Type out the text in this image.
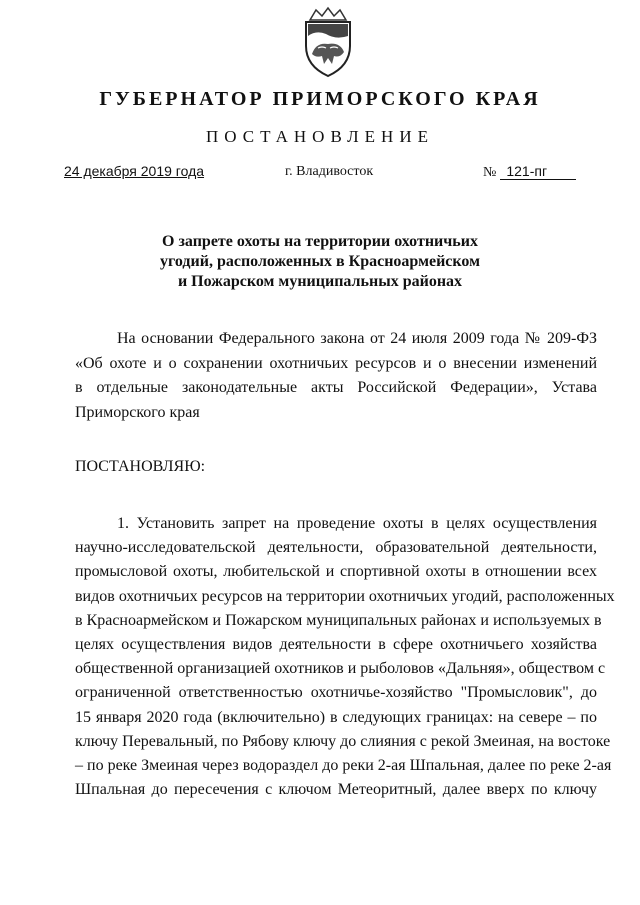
ГУБЕРНАТОР ПРИМОРСКОГО КРАЯ
ПОСТАНОВЛЕНИЕ
24 декабря 2019 года	г. Владивосток	№ 121-пг
О запрете охоты на территории охотничьих
угодий, расположенных в Красноармейском
и Пожарском муниципальных районах
На основании Федерального закона от 24 июля 2009 года № 209-ФЗ
«Об охоте и о сохранении охотничьих ресурсов и о внесении изменений
в отдельные законодательные акты Российской Федерации», Устава
Приморского края
ПОСТАНОВЛЯЮ:
1. Установить запрет на проведение охоты в целях осуществления
научно-исследовательской деятельности, образовательной деятельности,
промысловой охоты, любительской и спортивной охоты в отношении всех
видов охотничьих ресурсов на территории охотничьих угодий, расположенных
в Красноармейском и Пожарском муниципальных районах и используемых в
целях осуществления видов деятельности в сфере охотничьего хозяйства
общественной организацией охотников и рыболовов «Дальняя», обществом с
ограниченной ответственностью охотничье-хозяйство "Промысловик", до
15 января 2020 года (включительно) в следующих границах: на севере – по
ключу Перевальный, по Рябову ключу до слияния с рекой Змеиная, на востоке
– по реке Змеиная через водораздел до реки 2-ая Шпальная, далее по реке 2-ая
Шпальная до пересечения с ключом Метеоритный, далее вверх по ключу
